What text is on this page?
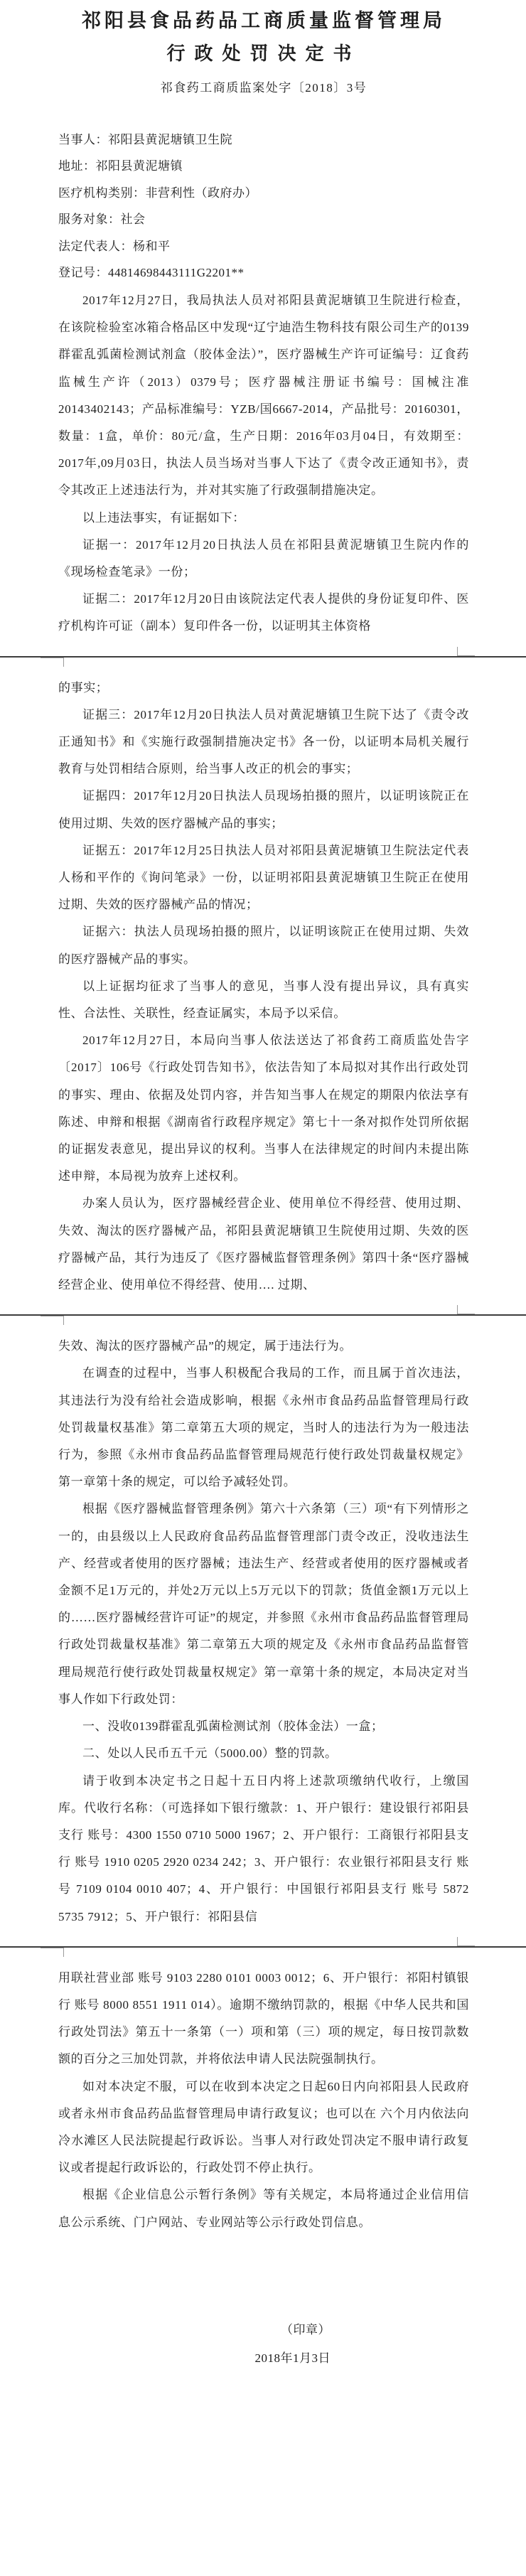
祁阳县食品药品工商质量监督管理局
行政处罚决定书
祁食药工商质监案处字〔2018〕3号
当事人：祁阳县黄泥塘镇卫生院
地址：祁阳县黄泥塘镇
医疗机构类别：非营利性（政府办）
服务对象：社会
法定代表人：杨和平
登记号：44814698443111G2201**
2017年12月27日，我局执法人员对祁阳县黄泥塘镇卫生院进行检查，在该院检验室冰箱合格品区中发现“辽宁迪浩生物科技有限公司生产的0139群霍乱弧菌检测试剂盒（胶体金法）”，医疗器械生产许可证编号：辽食药监械生产许（2013）0379号；医疗器械注册证书编号：国械注准 20143402143；产品标准编号：YZB/国6667-2014，产品批号：20160301，数量：1盒，单价：80元/盒，生产日期：2016年03月04日，有效期至：2017年,09月03日，执法人员当场对当事人下达了《责令改正通知书》，责令其改正上述违法行为，并对其实施了行政强制措施决定。
以上违法事实，有证据如下：
证据一：2017年12月20日执法人员在祁阳县黄泥塘镇卫生院内作的《现场检查笔录》一份；
证据二：2017年12月20日由该院法定代表人提供的身份证复印件、医疗机构许可证（副本）复印件各一份，以证明其主体资格
的事实；
证据三：2017年12月20日执法人员对黄泥塘镇卫生院下达了《责令改正通知书》和《实施行政强制措施决定书》各一份，以证明本局机关履行教育与处罚相结合原则，给当事人改正的机会的事实；
证据四：2017年12月20日执法人员现场拍摄的照片，以证明该院正在使用过期、失效的医疗器械产品的事实；
证据五：2017年12月25日执法人员对祁阳县黄泥塘镇卫生院法定代表人杨和平作的《询问笔录》一份，以证明祁阳县黄泥塘镇卫生院正在使用过期、失效的医疗器械产品的情况；
证据六：执法人员现场拍摄的照片，以证明该院正在使用过期、失效的医疗器械产品的事实。
以上证据均征求了当事人的意见，当事人没有提出异议，具有真实性、合法性、关联性，经查证属实，本局予以采信。
2017年12月27日，本局向当事人依法送达了祁食药工商质监处告字〔2017〕106号《行政处罚告知书》，依法告知了本局拟对其作出行政处罚的事实、理由、依据及处罚内容，并告知当事人在规定的期限内依法享有陈述、申辩和根据《湖南省行政程序规定》第七十一条对拟作处罚所依据的证据发表意见，提出异议的权利。当事人在法律规定的时间内未提出陈述申辩，本局视为放弃上述权利。
办案人员认为，医疗器械经营企业、使用单位不得经营、使用过期、失效、淘汰的医疗器械产品，祁阳县黄泥塘镇卫生院使用过期、失效的医疗器械产品，其行为违反了《医疗器械监督管理条例》第四十条“医疗器械经营企业、使用单位不得经营、使用…. 过期、
失效、淘汰的医疗器械产品”的规定，属于违法行为。
在调查的过程中，当事人积极配合我局的工作，而且属于首次违法，其违法行为没有给社会造成影响，根据《永州市食品药品监督管理局行政处罚裁量权基准》第二章第五大项的规定，当时人的违法行为为一般违法行为，参照《永州市食品药品监督管理局规范行使行政处罚裁量权规定》第一章第十条的规定，可以给予减轻处罚。
根据《医疗器械监督管理条例》第六十六条第（三）项“有下列情形之一的，由县级以上人民政府食品药品监督管理部门责令改正，没收违法生产、经营或者使用的医疗器械；违法生产、经营或者使用的医疗器械或者金额不足1万元的，并处2万元以上5万元以下的罚款；货值金额1万元以上的……医疗器械经营许可证”的规定，并参照《永州市食品药品监督管理局行政处罚裁量权基准》第二章第五大项的规定及《永州市食品药品监督管理局规范行使行政处罚裁量权规定》第一章第十条的规定，本局决定对当事人作如下行政处罚：
一、没收0139群霍乱弧菌检测试剂（胶体金法）一盒；
二、处以人民币五千元（5000.00）整的罚款。
请于收到本决定书之日起十五日内将上述款项缴纳代收行，上缴国库。代收行名称：（可选择如下银行缴款：1、开户银行：建设银行祁阳县支行 账号：4300 1550 0710 5000 1967；2、开户银行：工商银行祁阳县支行 账号 1910 0205 2920 0234 242；3、开户银行：农业银行祁阳县支行 账号 7109 0104 0010 407；4、开户银行：中国银行祁阳县支行 账号 5872 5735 7912；5、开户银行：祁阳县信
用联社营业部 账号 9103 2280 0101 0003 0012；6、开户银行：祁阳村镇银行 账号 8000 8551 1911 014）。逾期不缴纳罚款的，根据《中华人民共和国行政处罚法》第五十一条第（一）项和第（三）项的规定，每日按罚款数额的百分之三加处罚款，并将依法申请人民法院强制执行。
如对本决定不服，可以在收到本决定之日起60日内向祁阳县人民政府或者永州市食品药品监督管理局申请行政复议；也可以在 六个月内依法向冷水滩区人民法院提起行政诉讼。当事人对行政处罚决定不服申请行政复议或者提起行政诉讼的，行政处罚不停止执行。
根据《企业信息公示暂行条例》等有关规定，本局将通过企业信用信息公示系统、门户网站、专业网站等公示行政处罚信息。
（印章）
2018年1月3日
